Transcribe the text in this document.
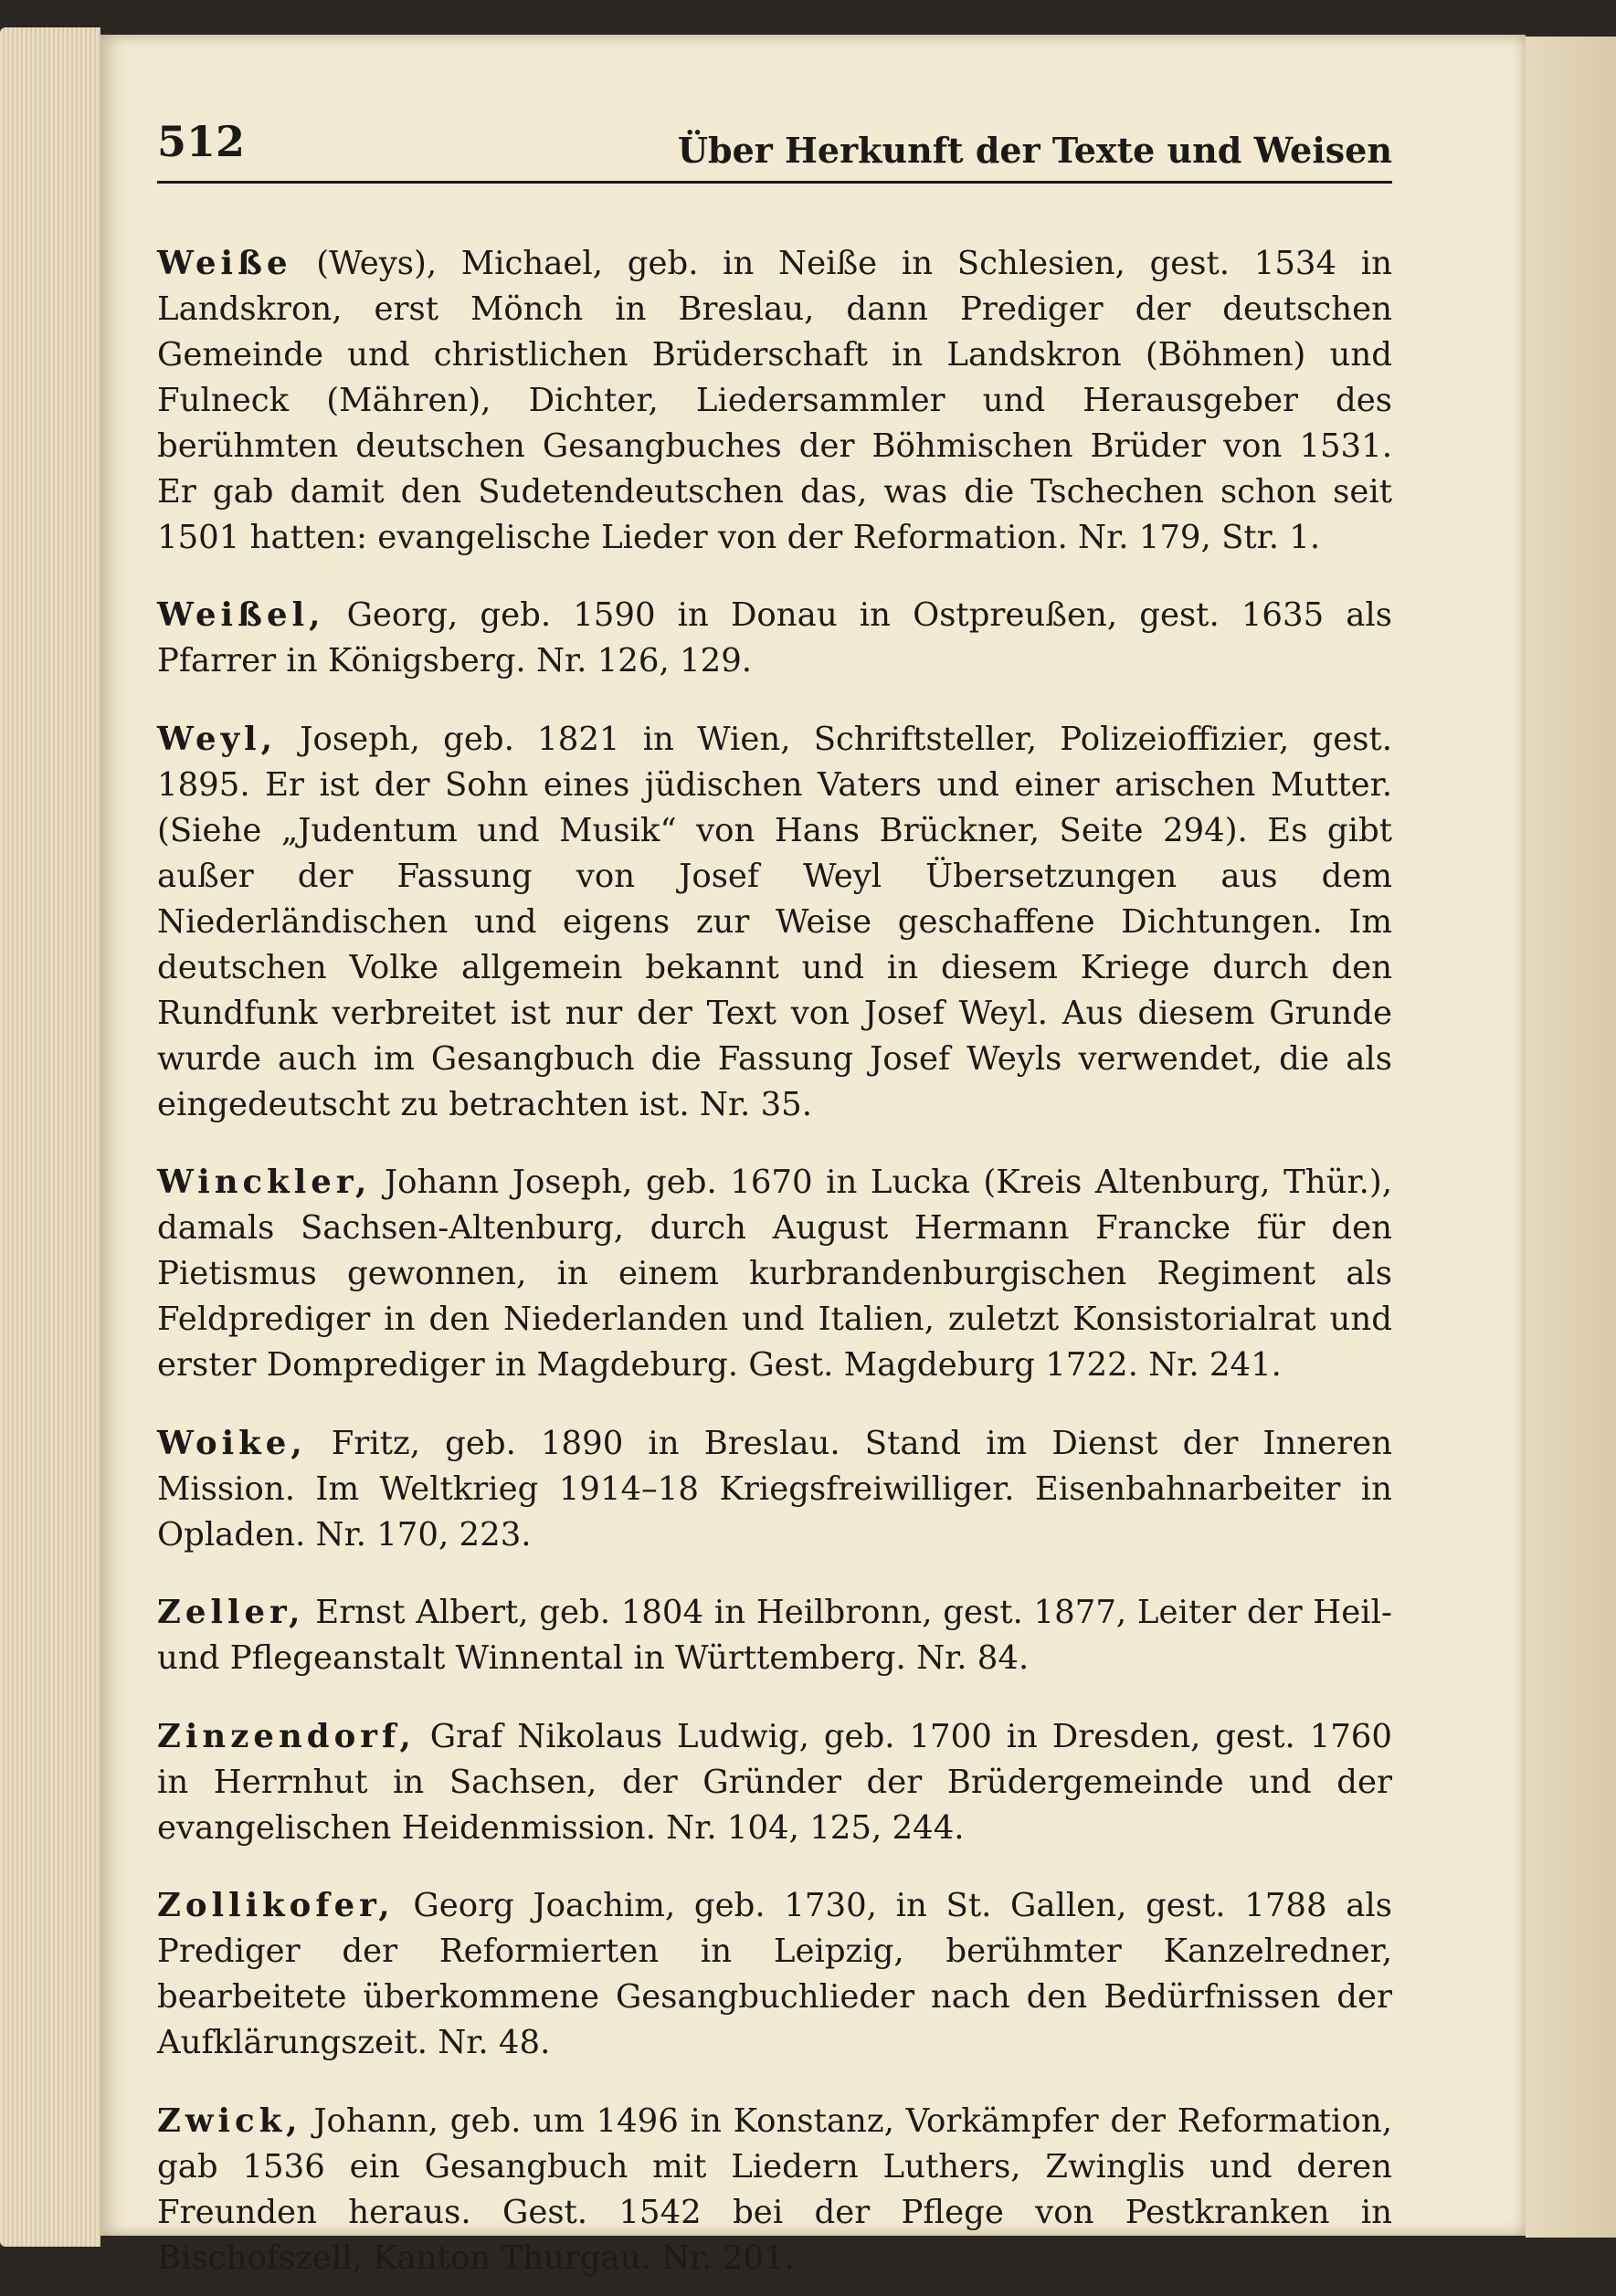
512	Über Herkunft der Texte und Weisen

Weiße (Weys), Michael, geb. in Neiße in Schlesien, gest. 1534 in Landskron, erst Mönch in Breslau, dann Prediger der deutschen Gemeinde und christlichen Brüderschaft in Landskron (Böhmen) und Fulneck (Mähren), Dichter, Liedersammler und Herausgeber des berühmten deutschen Gesangbuches der Böhmischen Brüder von 1531. Er gab damit den Sudetendeutschen das, was die Tschechen schon seit 1501 hatten: evangelische Lieder von der Reformation. Nr. 179, Str. 1.

Weißel, Georg, geb. 1590 in Donau in Ostpreußen, gest. 1635 als Pfarrer in Königsberg. Nr. 126, 129.

Weyl, Joseph, geb. 1821 in Wien, Schriftsteller, Polizeioffizier, gest. 1895. Er ist der Sohn eines jüdischen Vaters und einer arischen Mutter. (Siehe „Judentum und Musik“ von Hans Brückner, Seite 294). Es gibt außer der Fassung von Josef Weyl Übersetzungen aus dem Niederländischen und eigens zur Weise geschaffene Dichtungen. Im deutschen Volke allgemein bekannt und in diesem Kriege durch den Rundfunk verbreitet ist nur der Text von Josef Weyl. Aus diesem Grunde wurde auch im Gesangbuch die Fassung Josef Weyls verwendet, die als eingedeutscht zu betrachten ist. Nr. 35.

Winckler, Johann Joseph, geb. 1670 in Lucka (Kreis Altenburg, Thür.), damals Sachsen-Altenburg, durch August Hermann Francke für den Pietismus gewonnen, in einem kurbrandenburgischen Regiment als Feldprediger in den Niederlanden und Italien, zuletzt Konsistorialrat und erster Domprediger in Magdeburg. Gest. Magdeburg 1722. Nr. 241.

Woike, Fritz, geb. 1890 in Breslau. Stand im Dienst der Inneren Mission. Im Weltkrieg 1914–18 Kriegsfreiwilliger. Eisenbahnarbeiter in Opladen. Nr. 170, 223.

Zeller, Ernst Albert, geb. 1804 in Heilbronn, gest. 1877, Leiter der Heil- und Pflegeanstalt Winnental in Württemberg. Nr. 84.

Zinzendorf, Graf Nikolaus Ludwig, geb. 1700 in Dresden, gest. 1760 in Herrnhut in Sachsen, der Gründer der Brüdergemeinde und der evangelischen Heidenmission. Nr. 104, 125, 244.

Zollikofer, Georg Joachim, geb. 1730, in St. Gallen, gest. 1788 als Prediger der Reformierten in Leipzig, berühmter Kanzelredner, bearbeitete überkommene Gesangbuchlieder nach den Bedürfnissen der Aufklärungszeit. Nr. 48.

Zwick, Johann, geb. um 1496 in Konstanz, Vorkämpfer der Reformation, gab 1536 ein Gesangbuch mit Liedern Luthers, Zwinglis und deren Freunden heraus. Gest. 1542 bei der Pflege von Pestkranken in Bischofszell, Kanton Thurgau. Nr. 201.
